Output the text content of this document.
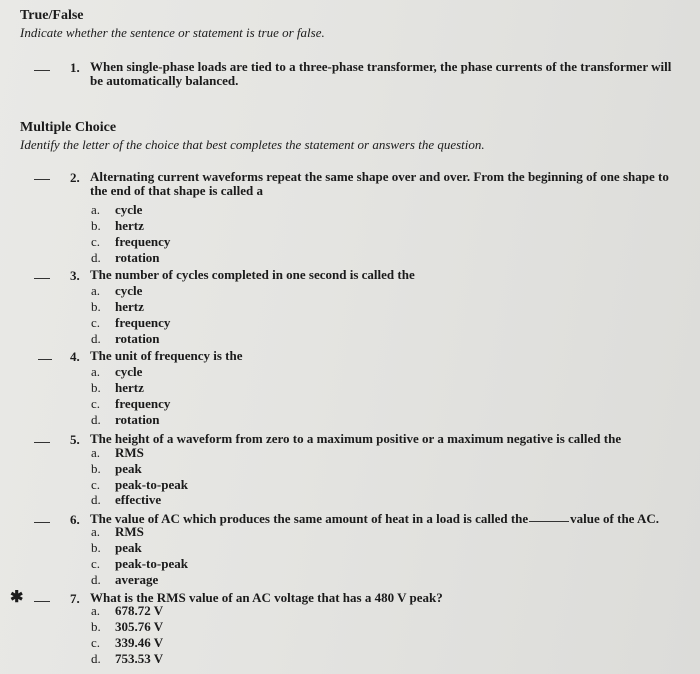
True/False
Indicate whether the sentence or statement is true or false.
1. When single-phase loads are tied to a three-phase transformer, the phase currents of the transformer will be automatically balanced.
Multiple Choice
Identify the letter of the choice that best completes the statement or answers the question.
2. Alternating current waveforms repeat the same shape over and over. From the beginning of one shape to the end of that shape is called a
a. cycle
b. hertz
c. frequency
d. rotation
3. The number of cycles completed in one second is called the
a. cycle
b. hertz
c. frequency
d. rotation
4. The unit of frequency is the
a. cycle
b. hertz
c. frequency
d. rotation
5. The height of a waveform from zero to a maximum positive or a maximum negative is called the
a. RMS
b. peak
c. peak-to-peak
d. effective
6. The value of AC which produces the same amount of heat in a load is called the	value of the AC.
a. RMS
b. peak
c. peak-to-peak
d. average
✱	7. What is the RMS value of an AC voltage that has a 480 V peak?
a. 678.72 V
b. 305.76 V
c. 339.46 V
d. 753.53 V
